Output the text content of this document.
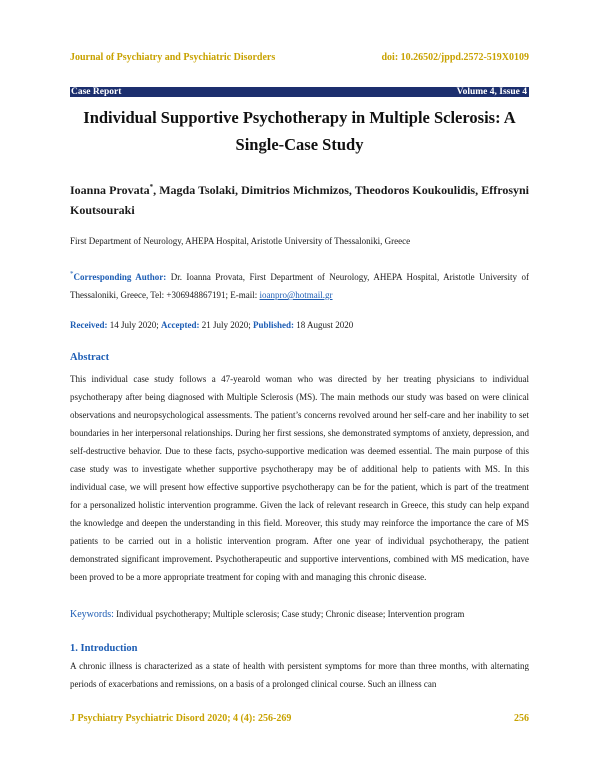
Journal of Psychiatry and Psychiatric Disorders	doi: 10.26502/jppd.2572-519X0109
Case Report	Volume 4, Issue 4
Individual Supportive Psychotherapy in Multiple Sclerosis: A
Single-Case Study
Ioanna Provata*, Magda Tsolaki, Dimitrios Michmizos, Theodoros Koukoulidis, Effrosyni Koutsouraki
First Department of Neurology, AHEPA Hospital, Aristotle University of Thessaloniki, Greece
*Corresponding Author: Dr. Ioanna Provata, First Department of Neurology, AHEPA Hospital, Aristotle University of Thessaloniki, Greece, Tel: +306948867191; E-mail: ioanpro@hotmail.gr
Received: 14 July 2020; Accepted: 21 July 2020; Published: 18 August 2020
Abstract
This individual case study follows a 47-yearold woman who was directed by her treating physicians to individual psychotherapy after being diagnosed with Multiple Sclerosis (MS). The main methods our study was based on were clinical observations and neuropsychological assessments. The patient’s concerns revolved around her self-care and her inability to set boundaries in her interpersonal relationships. During her first sessions, she demonstrated symptoms of anxiety, depression, and self-destructive behavior. Due to these facts, psycho-supportive medication was deemed essential. The main purpose of this case study was to investigate whether supportive psychotherapy may be of additional help to patients with MS. In this individual case, we will present how effective supportive psychotherapy can be for the patient, which is part of the treatment for a personalized holistic intervention programme. Given the lack of relevant research in Greece, this study can help expand the knowledge and deepen the understanding in this field. Moreover, this study may reinforce the importance the care of MS patients to be carried out in a holistic intervention program. After one year of individual psychotherapy, the patient demonstrated significant improvement. Psychotherapeutic and supportive interventions, combined with MS medication, have been proved to be a more appropriate treatment for coping with and managing this chronic disease.
Keywords: Individual psychotherapy; Multiple sclerosis; Case study; Chronic disease; Intervention program
1. Introduction
A chronic illness is characterized as a state of health with persistent symptoms for more than three months, with alternating periods of exacerbations and remissions, on a basis of a prolonged clinical course. Such an illness can
J Psychiatry Psychiatric Disord 2020; 4 (4): 256-269	256
